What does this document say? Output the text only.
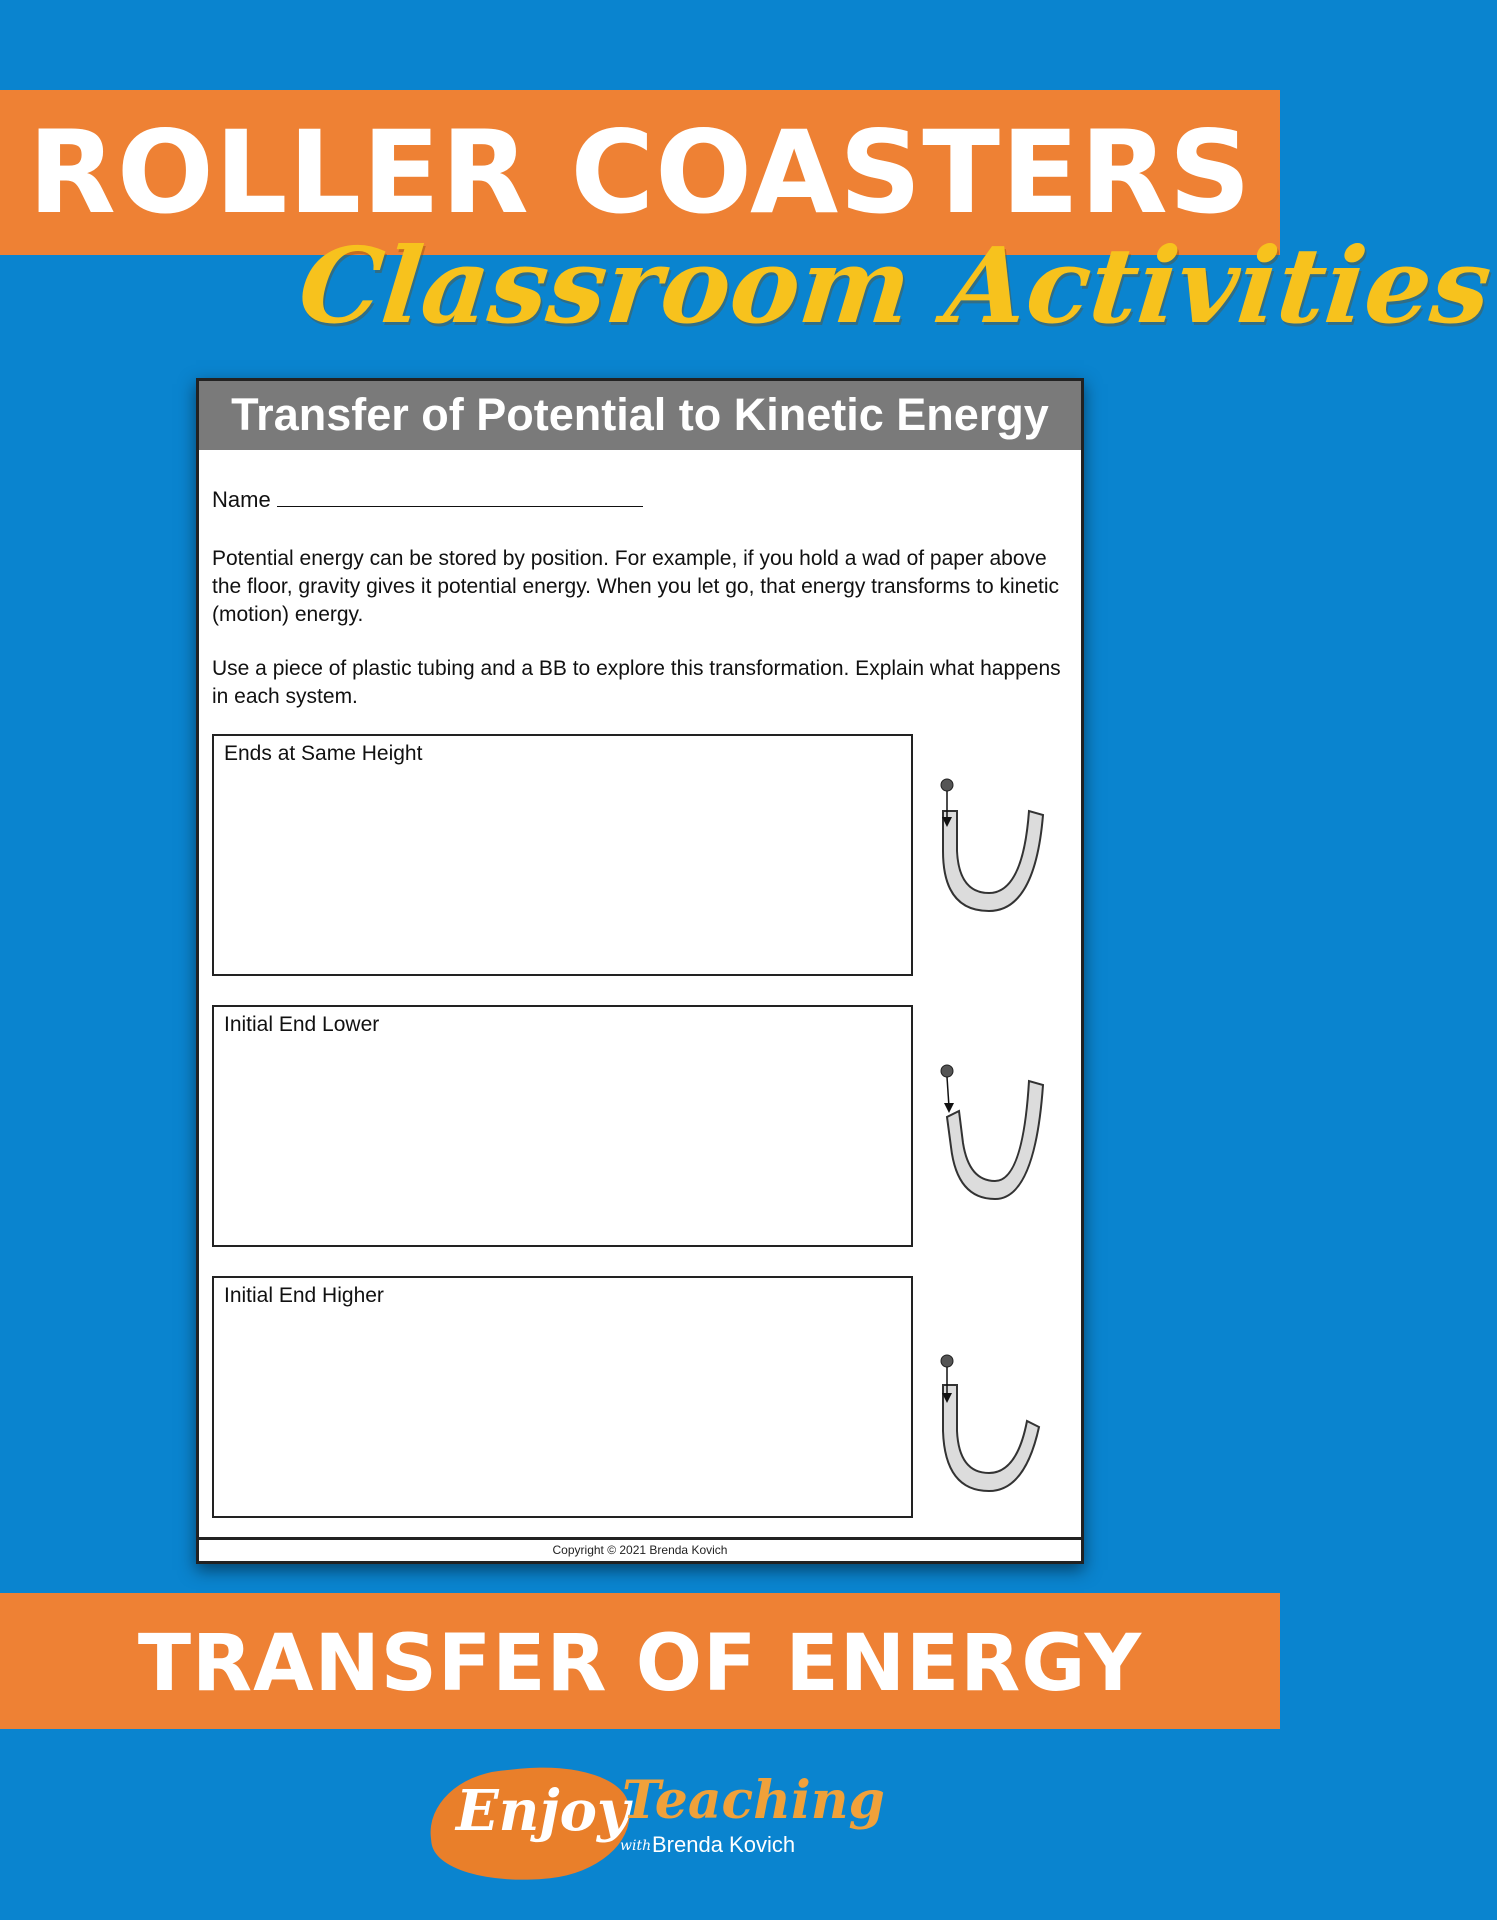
ROLLER COASTERS
Classroom Activities
Transfer of Potential to Kinetic Energy
Name

Potential energy can be stored by position. For example, if you hold a wad of paper above the floor, gravity gives it potential energy. When you let go, that energy transforms to kinetic (motion) energy.

Use a piece of plastic tubing and a BB to explore this transformation. Explain what happens in each system.

Ends at Same Height
Initial End Lower
Initial End Higher
Copyright © 2021 Brenda Kovich
TRANSFER OF ENERGY
Enjoy
Teaching
with Brenda Kovich
